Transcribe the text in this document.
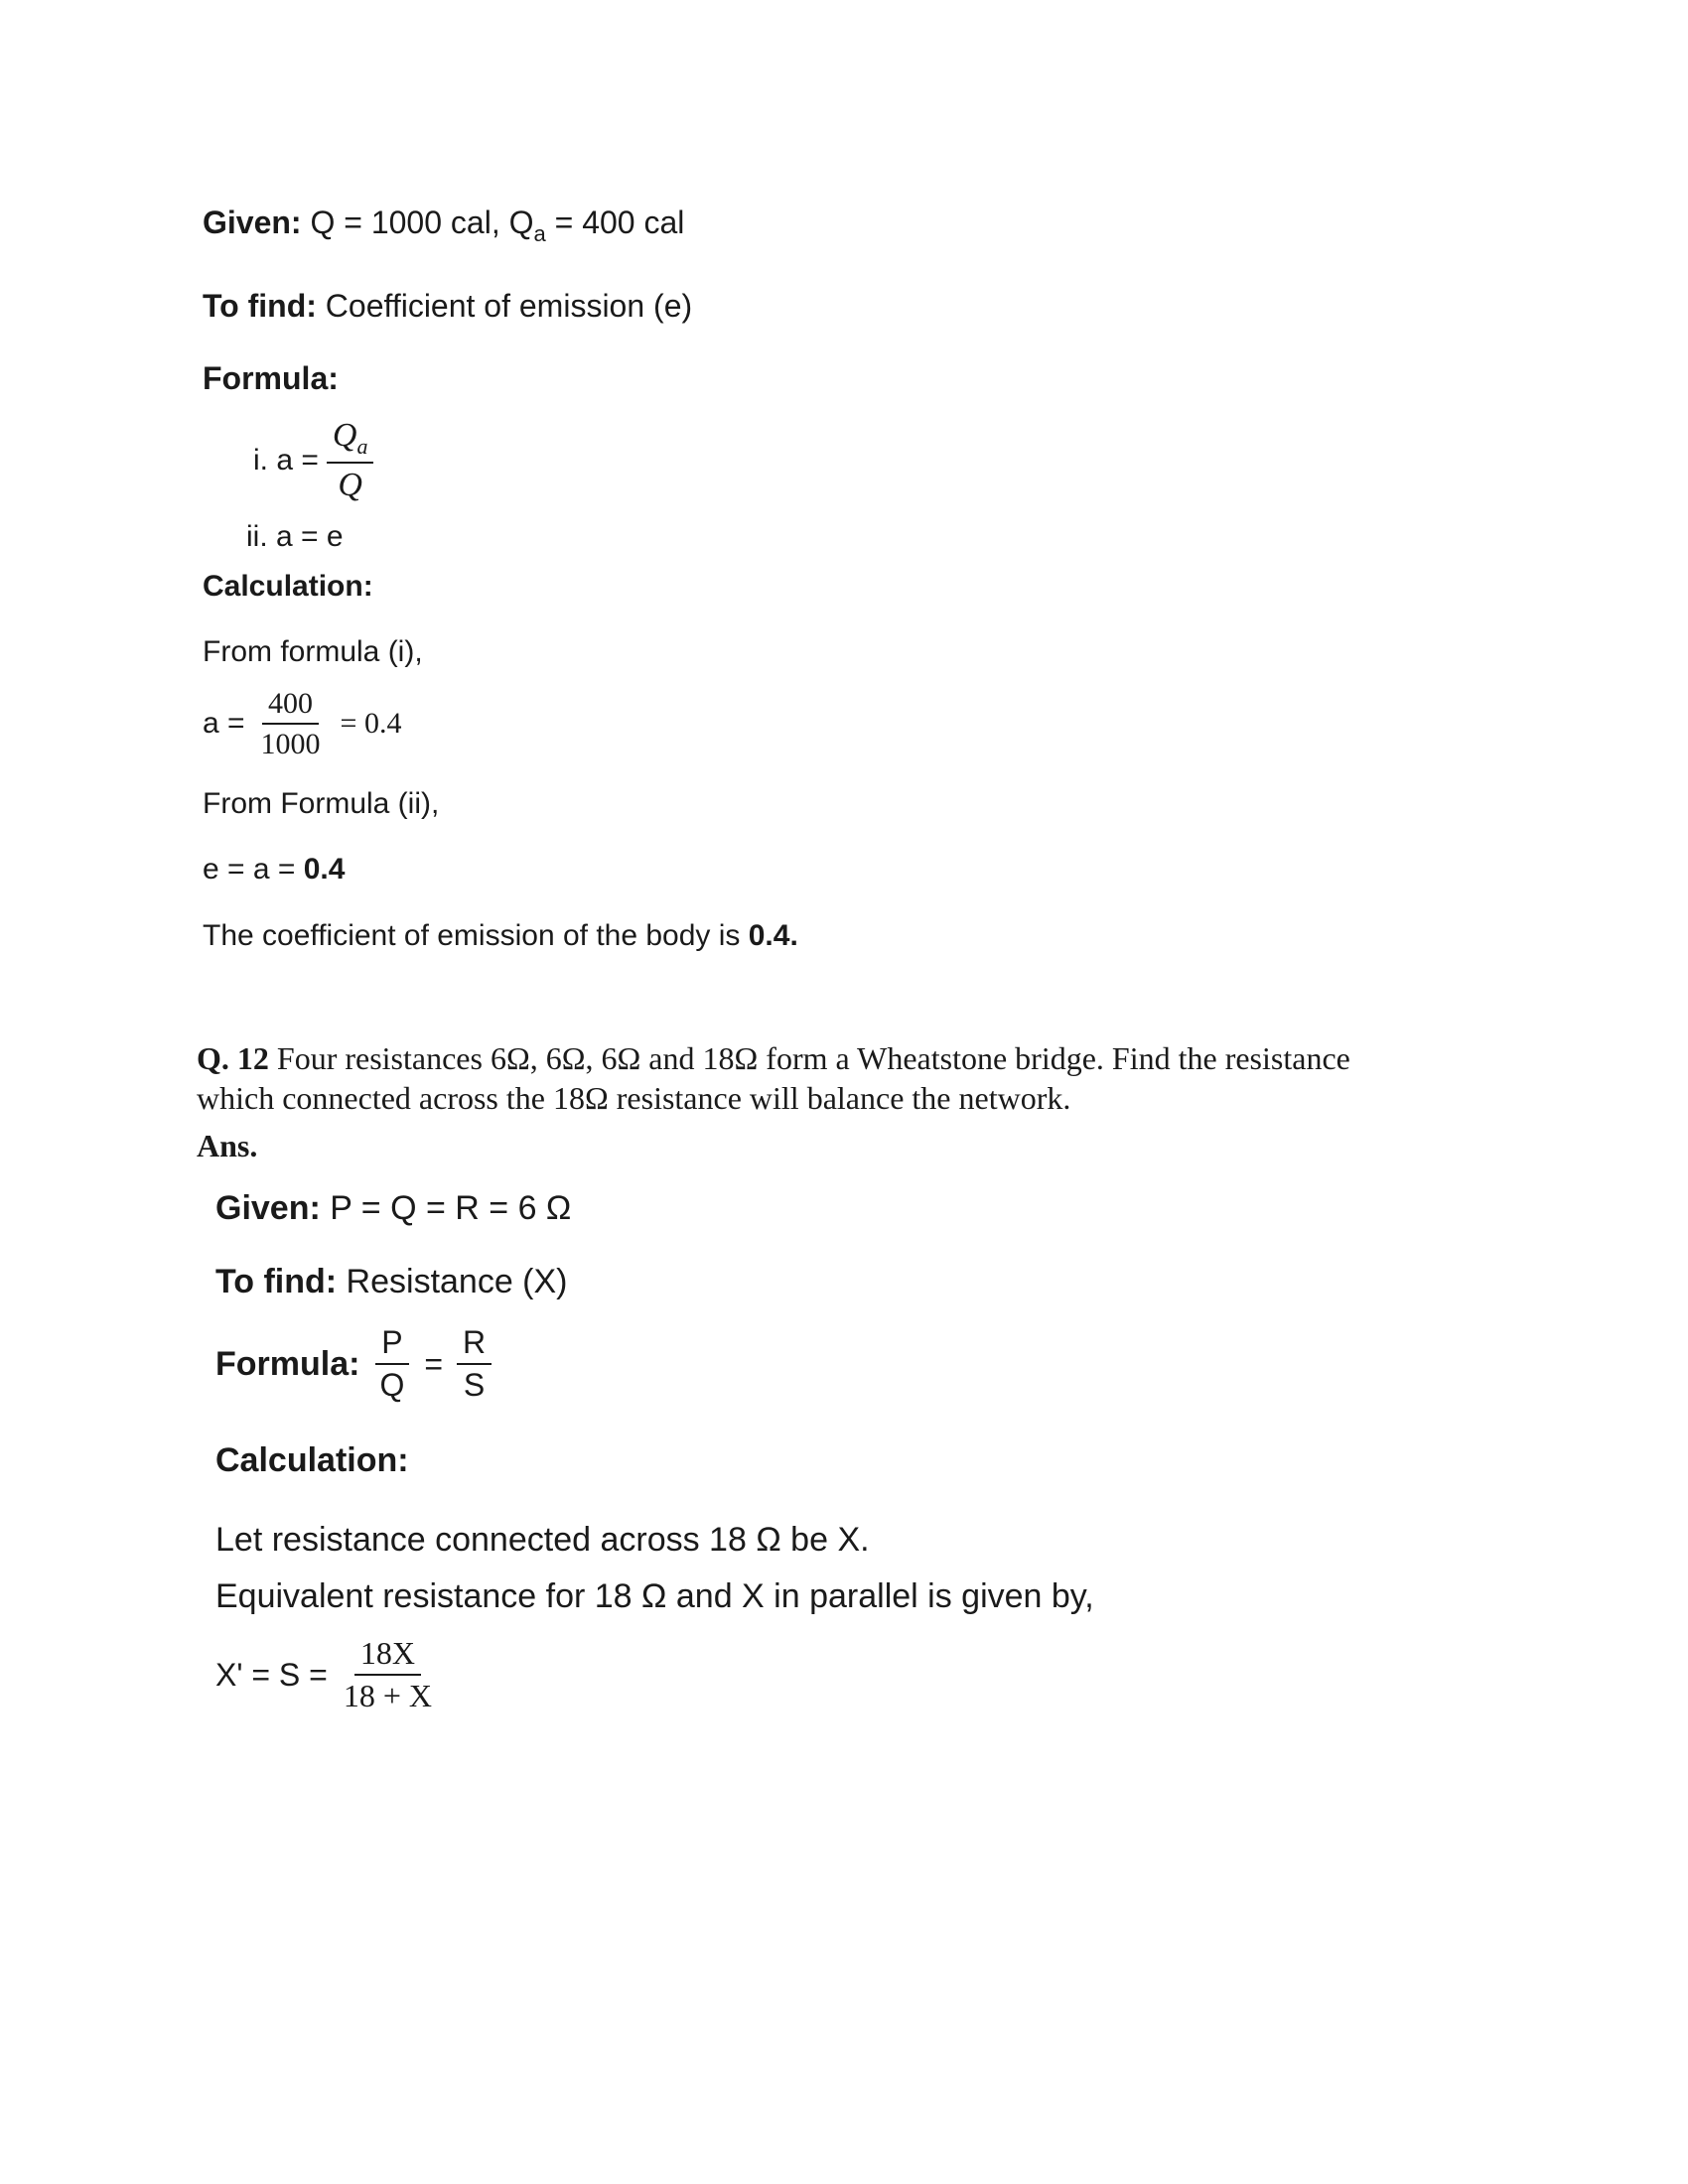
Given: Q = 1000 cal, $Q_a = 400$ cal
To find: Coefficient of emission (e)
Formula:
i. $a = \frac{Q_a}{Q}$
ii. a = e
Calculation:
From formula (i),
$a = \frac{400}{1000} = 0.4$
From Formula (ii),
e = a = 0.4
The coefficient of emission of the body is 0.4.
Q. 12 Four resistances 6Ω, 6Ω, 6Ω and 18Ω form a Wheatstone bridge. Find the resistance
which connected across the 18Ω resistance will balance the network.
Ans.
Given: P = Q = R = 6 Ω
To find: Resistance (X)
Formula: $\frac{P}{Q} = \frac{R}{S}$
Calculation:
Let resistance connected across 18 Ω be X.
Equivalent resistance for 18 Ω and X in parallel is given by,
$X' = S = \frac{18X}{18 + X}$
